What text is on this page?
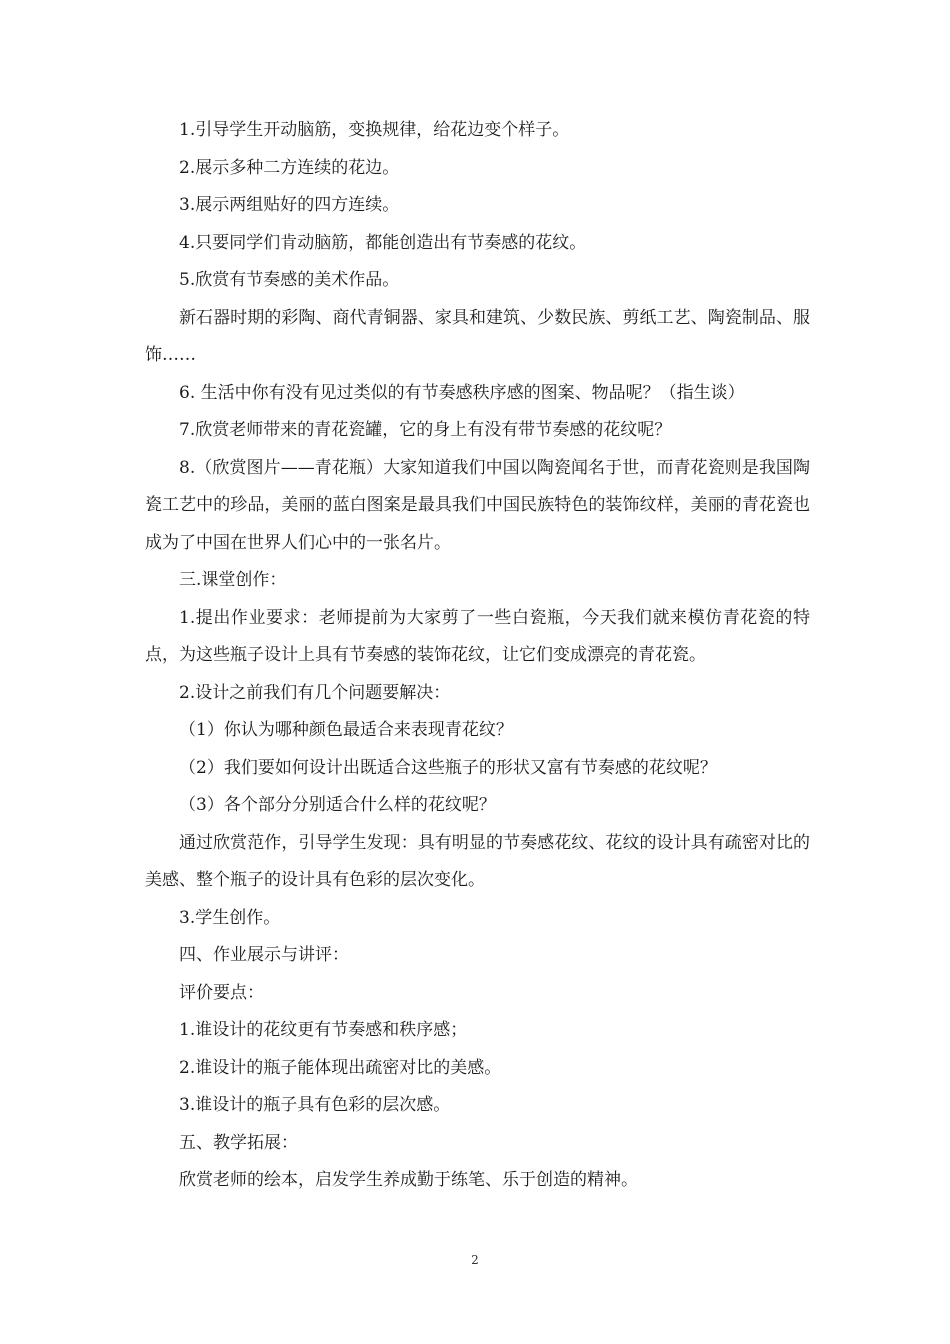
1.引导学生开动脑筋，变换规律，给花边变个样子。

2.展示多种二方连续的花边。

3.展示两组贴好的四方连续。

4.只要同学们肯动脑筋，都能创造出有节奏感的花纹。

5.欣赏有节奏感的美术作品。

新石器时期的彩陶、商代青铜器、家具和建筑、少数民族、剪纸工艺、陶瓷制品、服饰……

6. 生活中你有没有见过类似的有节奏感秩序感的图案、物品呢？（指生谈）

7.欣赏老师带来的青花瓷罐，它的身上有没有带节奏感的花纹呢？

8.（欣赏图片——青花瓶）大家知道我们中国以陶瓷闻名于世，而青花瓷则是我国陶瓷工艺中的珍品，美丽的蓝白图案是最具我们中国民族特色的装饰纹样，美丽的青花瓷也成为了中国在世界人们心中的一张名片。

三.课堂创作：

1.提出作业要求：老师提前为大家剪了一些白瓷瓶，今天我们就来模仿青花瓷的特点，为这些瓶子设计上具有节奏感的装饰花纹，让它们变成漂亮的青花瓷。

2.设计之前我们有几个问题要解决：

（1）你认为哪种颜色最适合来表现青花纹？

（2）我们要如何设计出既适合这些瓶子的形状又富有节奏感的花纹呢？

（3）各个部分分别适合什么样的花纹呢？

通过欣赏范作，引导学生发现：具有明显的节奏感花纹、花纹的设计具有疏密对比的美感、整个瓶子的设计具有色彩的层次变化。

3.学生创作。

四、作业展示与讲评：

评价要点：

1.谁设计的花纹更有节奏感和秩序感；

2.谁设计的瓶子能体现出疏密对比的美感。

3.谁设计的瓶子具有色彩的层次感。

五、教学拓展：

欣赏老师的绘本，启发学生养成勤于练笔、乐于创造的精神。

2
